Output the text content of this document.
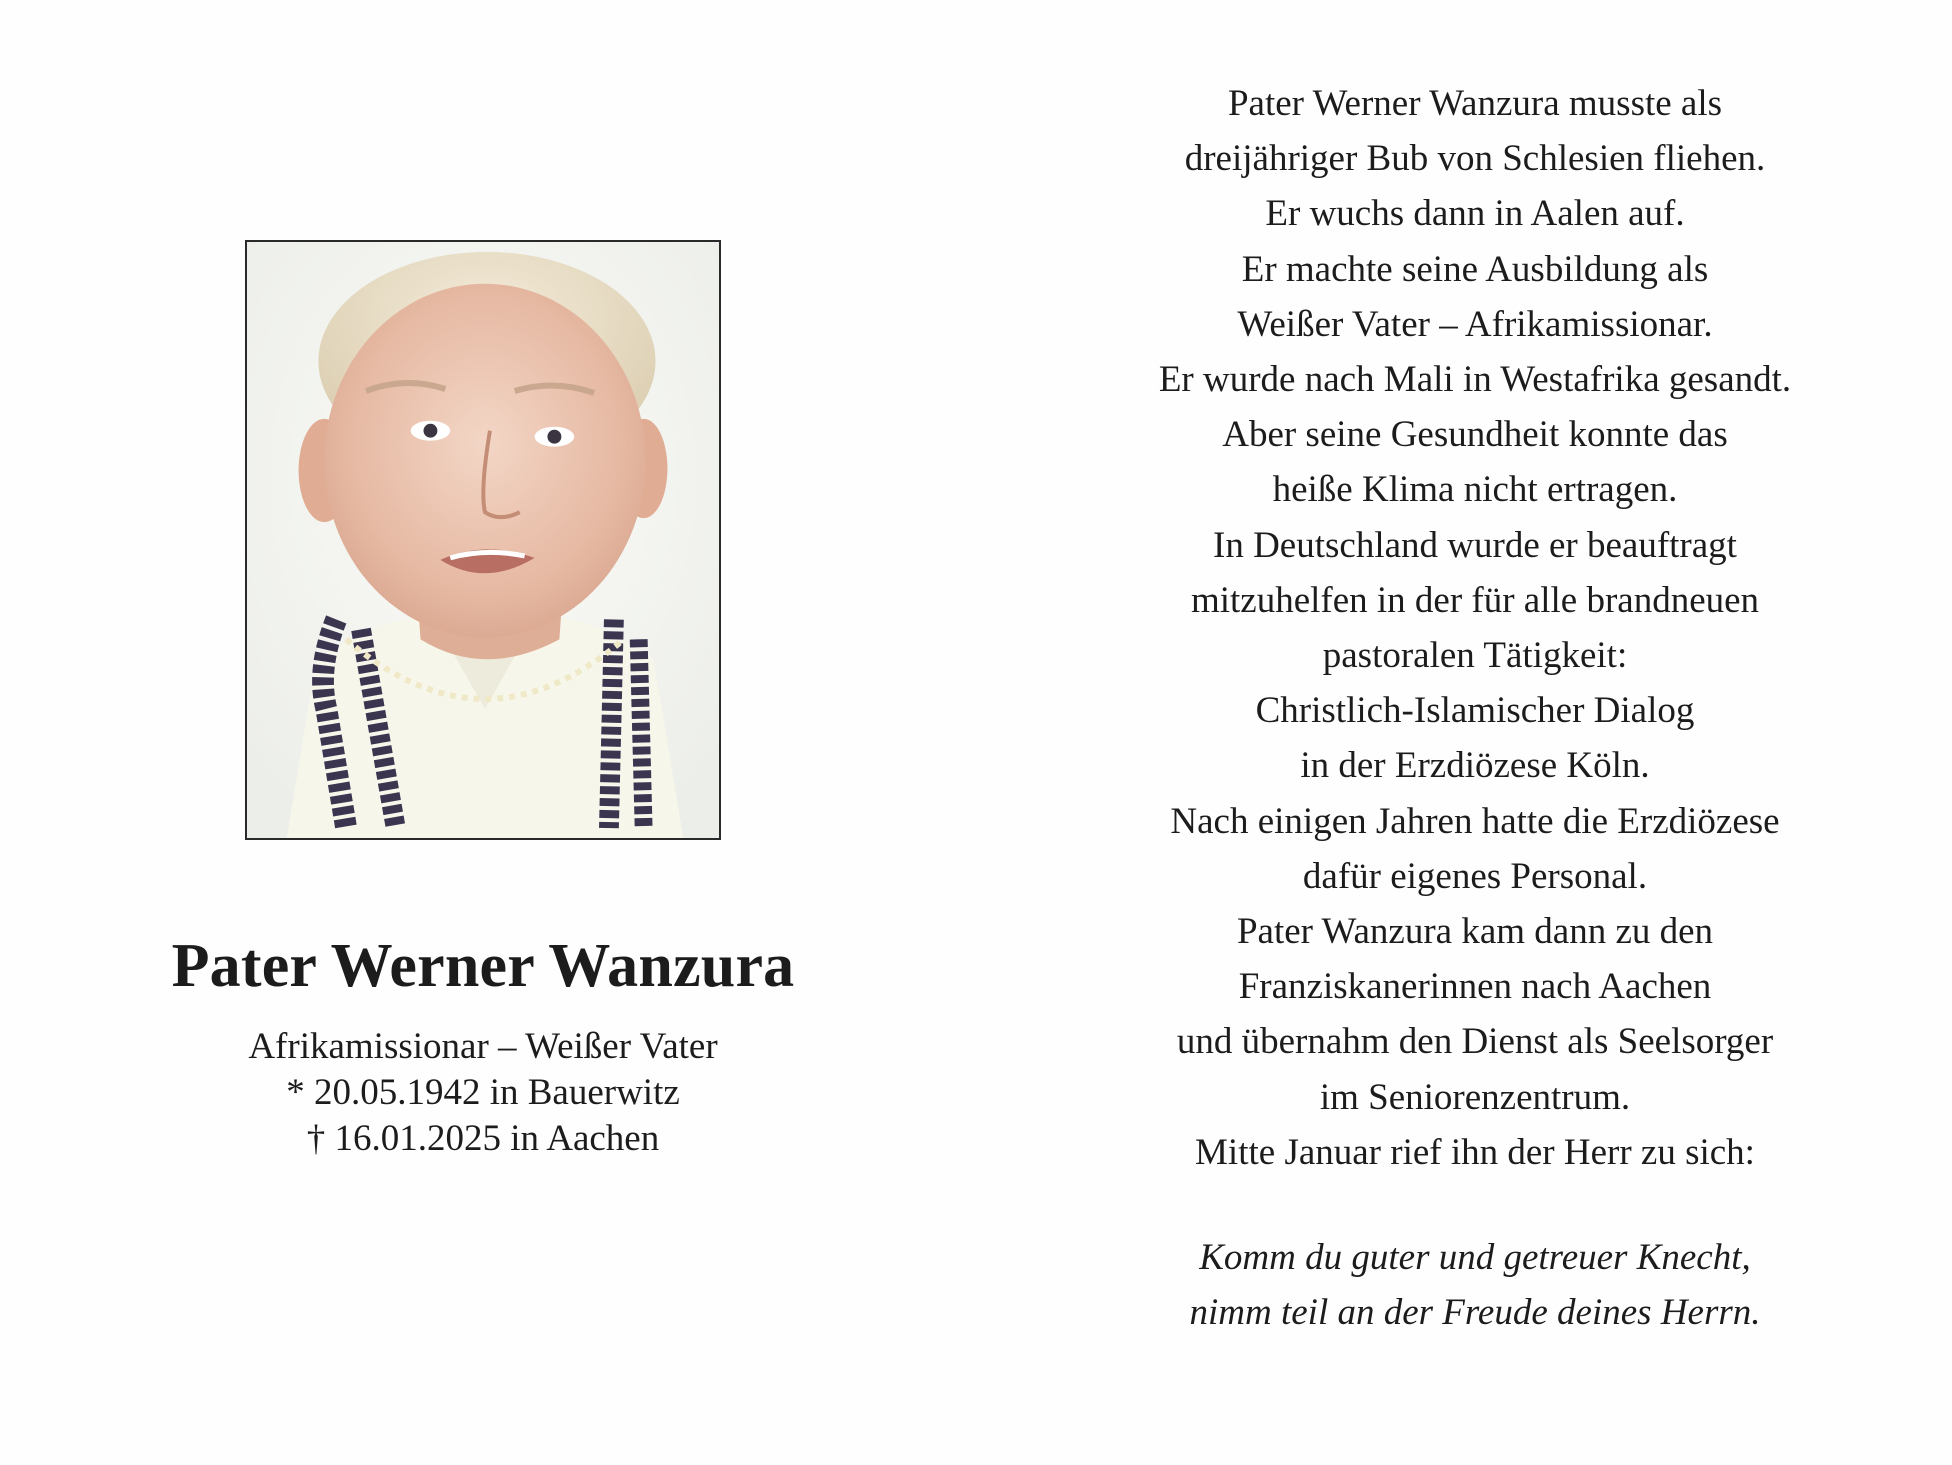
Pater Werner Wanzura
Afrikamissionar – Weißer Vater
* 20.05.1942 in Bauerwitz
† 16.01.2025 in Aachen
Pater Werner Wanzura musste als
dreijähriger Bub von Schlesien fliehen.
Er wuchs dann in Aalen auf.
Er machte seine Ausbildung als
Weißer Vater – Afrikamissionar.
Er wurde nach Mali in Westafrika gesandt.
Aber seine Gesundheit konnte das
heiße Klima nicht ertragen.
In Deutschland wurde er beauftragt
mitzuhelfen in der für alle brandneuen
pastoralen Tätigkeit:
Christlich-Islamischer Dialog
in der Erzdiözese Köln.
Nach einigen Jahren hatte die Erzdiözese
dafür eigenes Personal.
Pater Wanzura kam dann zu den
Franziskanerinnen nach Aachen
und übernahm den Dienst als Seelsorger
im Seniorenzentrum.
Mitte Januar rief ihn der Herr zu sich:
Komm du guter und getreuer Knecht,
nimm teil an der Freude deines Herrn.
